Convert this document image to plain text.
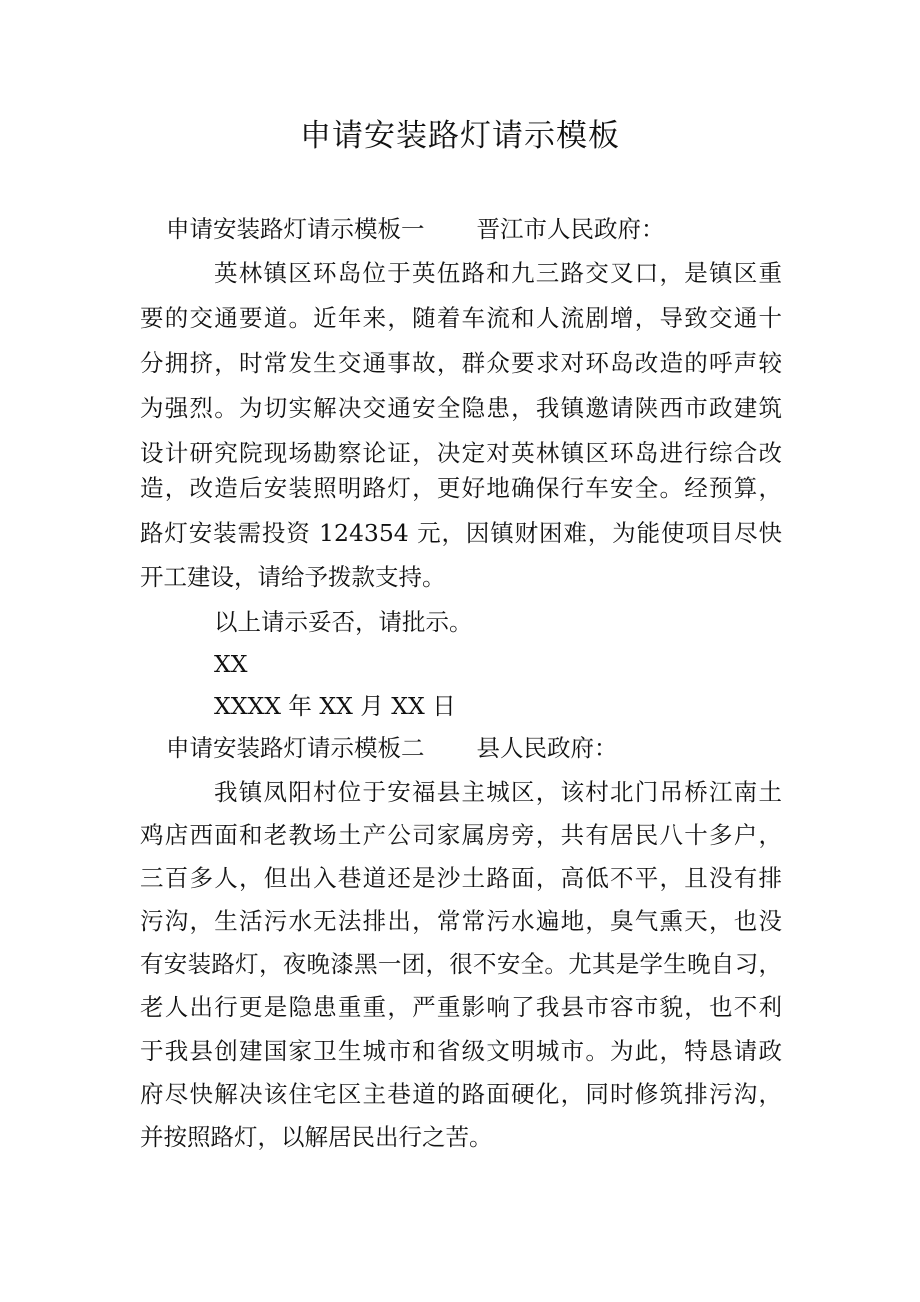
申请安装路灯请示模板
申请安装路灯请示模板一 晋江市人民政府：
英林镇区环岛位于英伍路和九三路交叉口，是镇区重
要的交通要道。近年来，随着车流和人流剧增，导致交通十
分拥挤，时常发生交通事故，群众要求对环岛改造的呼声较
为强烈。为切实解决交通安全隐患，我镇邀请陕西市政建筑
设计研究院现场勘察论证，决定对英林镇区环岛进行综合改
造，改造后安装照明路灯，更好地确保行车安全。经预算，
路灯安装需投资 124354 元，因镇财困难，为能使项目尽快
开工建设，请给予拨款支持。
以上请示妥否，请批示。
XX
XXXX 年 XX 月 XX 日
申请安装路灯请示模板二 县人民政府：
我镇凤阳村位于安福县主城区，该村北门吊桥江南土
鸡店西面和老教场土产公司家属房旁，共有居民八十多户，
三百多人，但出入巷道还是沙土路面，高低不平，且没有排
污沟，生活污水无法排出，常常污水遍地，臭气熏天，也没
有安装路灯，夜晚漆黑一团，很不安全。尤其是学生晚自习，
老人出行更是隐患重重，严重影响了我县市容市貌，也不利
于我县创建国家卫生城市和省级文明城市。为此，特恳请政
府尽快解决该住宅区主巷道的路面硬化，同时修筑排污沟，
并按照路灯，以解居民出行之苦。
